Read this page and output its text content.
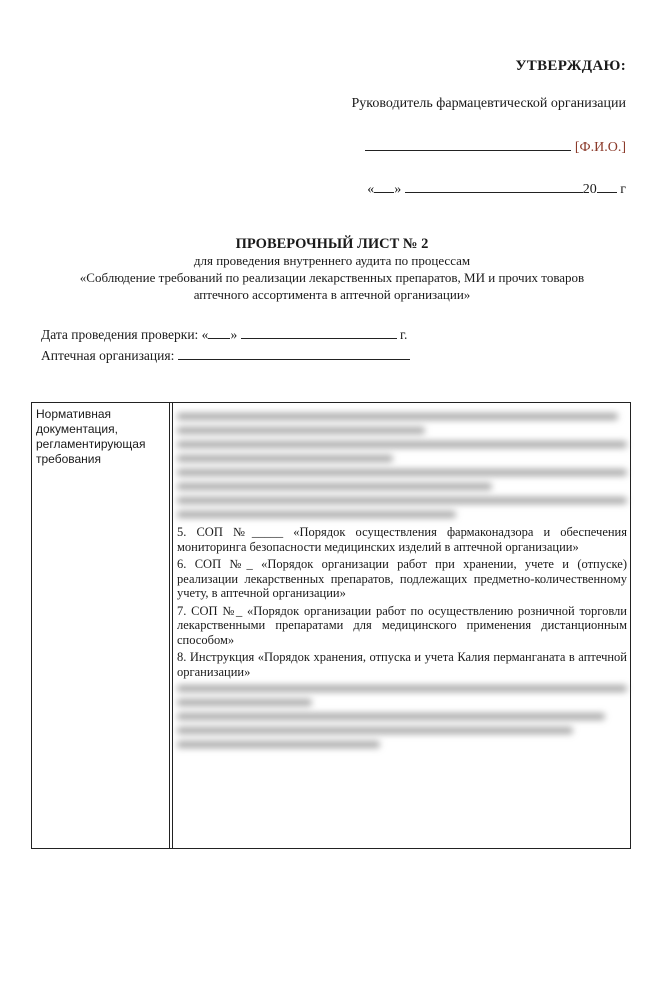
УТВЕРЖДАЮ:
Руководитель фармацевтической организации
[Ф.И.О.]
« »	20 г
ПРОВЕРОЧНЫЙ ЛИСТ № 2
для проведения внутреннего аудита по процессам
«Соблюдение требований по реализации лекарственных препаратов, МИ и прочих товаров
аптечного ассортимента в аптечной организации»
Дата проведения проверки: « »	г.
Аптечная организация:
Нормативная документация, регламентирующая требования
5. СОП №_____ «Порядок осуществления фармаконадзора и обеспечения мониторинга безопасности медицинских изделий в аптечной организации»
6. СОП №_ «Порядок организации работ при хранении, учете и (отпуске) реализации лекарственных препаратов, подлежащих предметно-количественному учету, в аптечной организации»
7. СОП №_ «Порядок организации работ по осуществлению розничной торговли лекарственными препаратами для медицинского применения дистанционным способом»
8. Инструкция «Порядок хранения, отпуска и учета Калия перманганата в аптечной организации»
